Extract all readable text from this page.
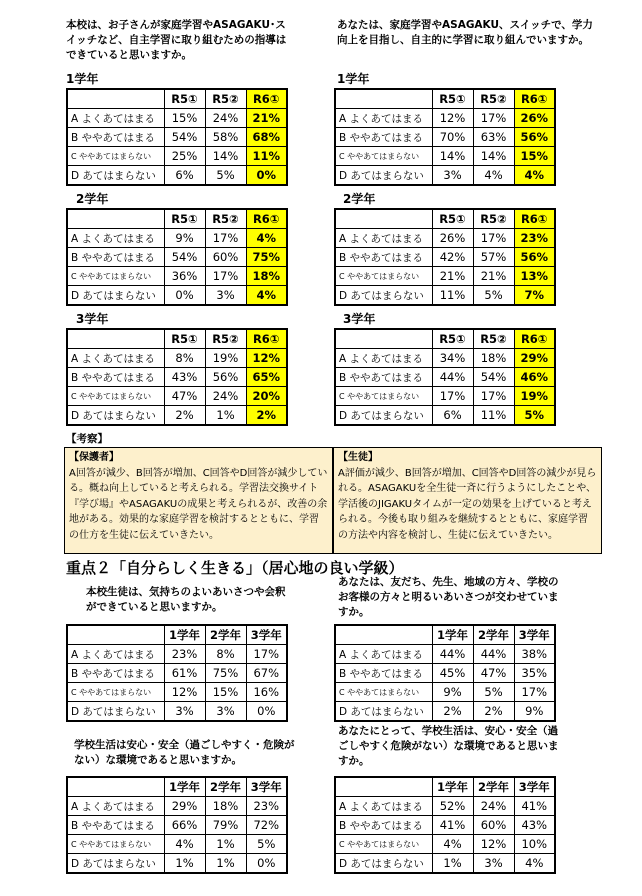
本校は、お子さんが家庭学習やASAGAKU･スイッチなど、自主学習に取り組むための指導はできていると思いますか。
あなたは、家庭学習やASAGAKU、スイッチで、学力向上を目指し、自主的に学習に取り組んでいますか。
1学年	1学年
2学年	2学年
3学年	3学年
	R5①	R5②	R6①
A よくあてはまる	15%	24%	21%
B ややあてはまる	54%	58%	68%
C ややあてはまらない	25%	14%	11%
D あてはまらない	6%	5%	0%
	R5①	R5②	R6①
A よくあてはまる	12%	17%	26%
B ややあてはまる	70%	63%	56%
C ややあてはまらない	14%	14%	15%
D あてはまらない	3%	4%	4%
	R5①	R5②	R6①
A よくあてはまる	9%	17%	4%
B ややあてはまる	54%	60%	75%
C ややあてはまらない	36%	17%	18%
D あてはまらない	0%	3%	4%
	R5①	R5②	R6①
A よくあてはまる	26%	17%	23%
B ややあてはまる	42%	57%	56%
C ややあてはまらない	21%	21%	13%
D あてはまらない	11%	5%	7%
	R5①	R5②	R6①
A よくあてはまる	8%	19%	12%
B ややあてはまる	43%	56%	65%
C ややあてはまらない	47%	24%	20%
D あてはまらない	2%	1%	2%
	R5①	R5②	R6①
A よくあてはまる	34%	18%	29%
B ややあてはまる	44%	54%	46%
C ややあてはまらない	17%	17%	19%
D あてはまらない	6%	11%	5%
【考察】
【保護者】
A回答が減少、B回答が増加、C回答やD回答が減少している。概ね向上していると考えられる。学習法交換サイト『学び場』やASAGAKUの成果と考えられるが、改善の余地がある。効果的な家庭学習を検討するとともに、学習の仕方を生徒に伝えていきたい。
【生徒】
A評価が減少、B回答が増加、C回答やD回答の減少が見られる。ASAGAKUを全生徒一斉に行うようにしたことや、学活後のJIGAKUタイムが一定の効果を上げていると考えられる。今後も取り組みを継続するとともに、家庭学習の方法や内容を検討し、生徒に伝えていきたい。
重点２「自分らしく生きる」（居心地の良い学級）
本校生徒は、気持ちのよいあいさつや会釈ができていると思いますか。
あなたは、友だち、先生、地域の方々、学校のお客様の方々と明るいあいさつが交わせていますか。
	1学年	2学年	3学年
A よくあてはまる	23%	8%	17%
B ややあてはまる	61%	75%	67%
C ややあてはまらない	12%	15%	16%
D あてはまらない	3%	3%	0%
	1学年	2学年	3学年
A よくあてはまる	44%	44%	38%
B ややあてはまる	45%	47%	35%
C ややあてはまらない	9%	5%	17%
D あてはまらない	2%	2%	9%
学校生活は安心・安全（過ごしやすく・危険がない）な環境であると思いますか。
あなたにとって、学校生活は、安心・安全（過ごしやすく危険がない）な環境であると思いますか。
	1学年	2学年	3学年
A よくあてはまる	29%	18%	23%
B ややあてはまる	66%	79%	72%
C ややあてはまらない	4%	1%	5%
D あてはまらない	1%	1%	0%
	1学年	2学年	3学年
A よくあてはまる	52%	24%	41%
B ややあてはまる	41%	60%	43%
C ややあてはまらない	4%	12%	10%
D あてはまらない	1%	3%	4%
